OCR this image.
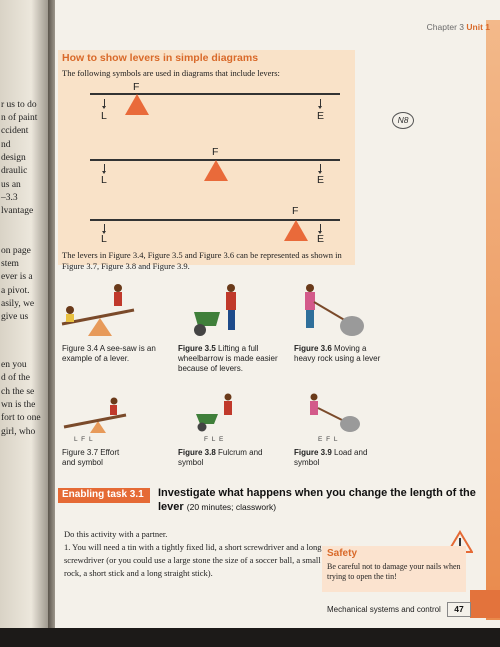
r us to do
n of paint
ccident
nd
design
draulic
us an
–3.3
lvantage
on page
stem
ever is a
a pivot.
asily, we
give us
en you
d of the
ch the se
wn is the
fort to one
girl, who
Chapter 3 Unit 1
How to show levers in simple diagrams
The following symbols are used in diagrams that include levers:
F
L	E
F
L	E
F
L	E
N8
The levers in Figure 3.4, Figure 3.5 and Figure 3.6 can be represented as shown in Figure 3.7, Figure 3.8 and Figure 3.9.
Figure 3.4 A see-saw is an example of a lever.
Figure 3.5 Lifting a full wheelbarrow is made easier because of levers.
Figure 3.6 Moving a heavy rock using a lever
L F L	F L E	E F L
Figure 3.7 Effort and symbol
Figure 3.8 Fulcrum and symbol
Figure 3.9 Load and symbol
Enabling task 3.1 Investigate what happens when you change the length of the lever (20 minutes; classwork)
Do this activity with a partner.
1. You will need a tin with a tightly fixed lid, a short screwdriver and a long screwdriver (or you could use a large stone the size of a soccer ball, a small rock, a short stick and a long straight stick).
Safety
Be careful not to damage your nails when trying to open the tin!
Mechanical systems and control	47
